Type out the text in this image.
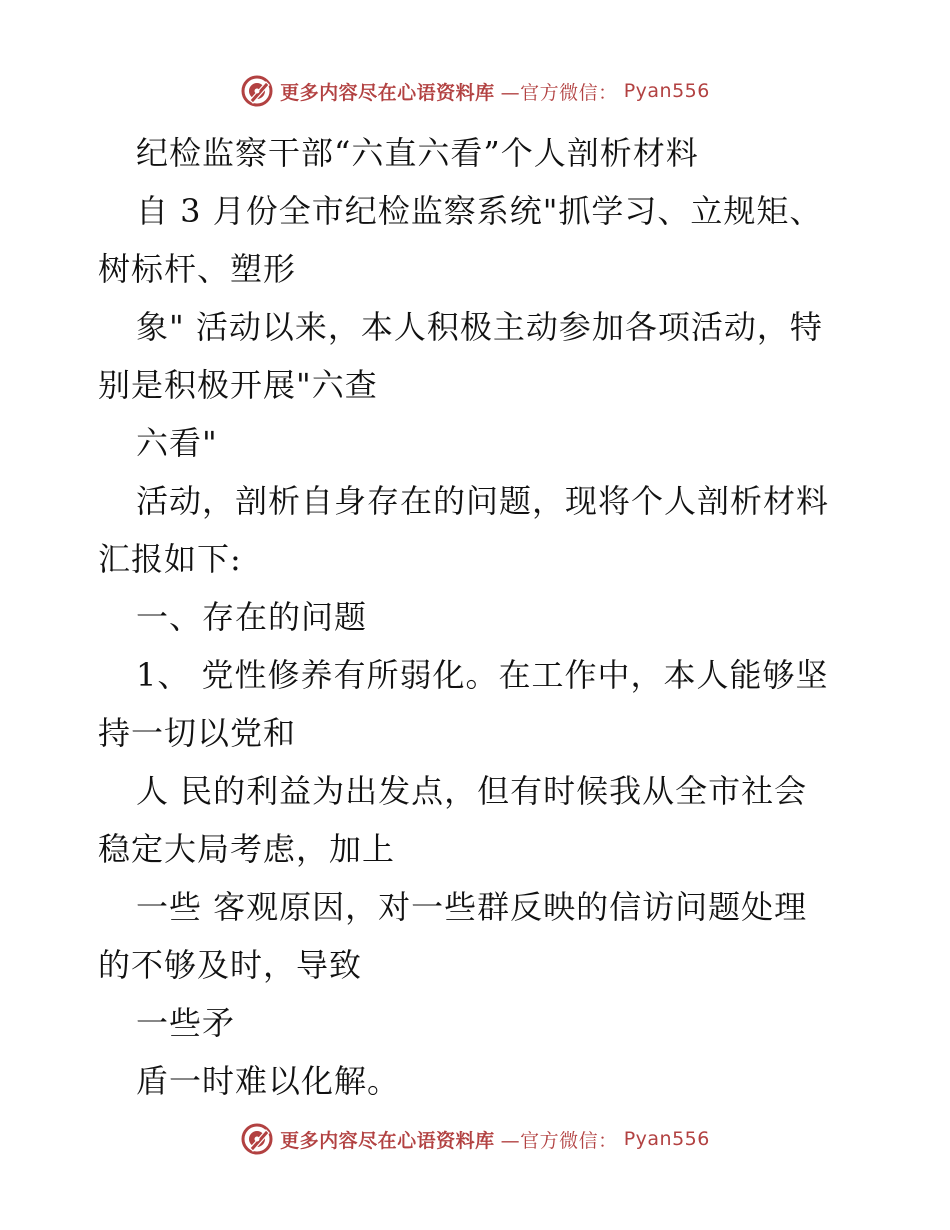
更多内容尽在心语资料库 —官方微信： Pyan556
纪检监察干部“六直六看”个人剖析材料
自 3 月份全市纪检监察系统"抓学习、立规矩、
树标杆、塑形
象" 活动以来，本人积极主动参加各项活动，特
别是积极开展"六查
六看"
活动，剖析自身存在的问题，现将个人剖析材料
汇报如下:
一、存在的问题
1、 党性修养有所弱化。在工作中，本人能够坚
持一切以党和
人 民的利益为出发点，但有时候我从全市社会
稳定大局考虑，加上
一些 客观原因，对一些群反映的信访问题处理
的不够及时，导致
一些矛
盾一时难以化解。
更多内容尽在心语资料库 —官方微信： Pyan556
